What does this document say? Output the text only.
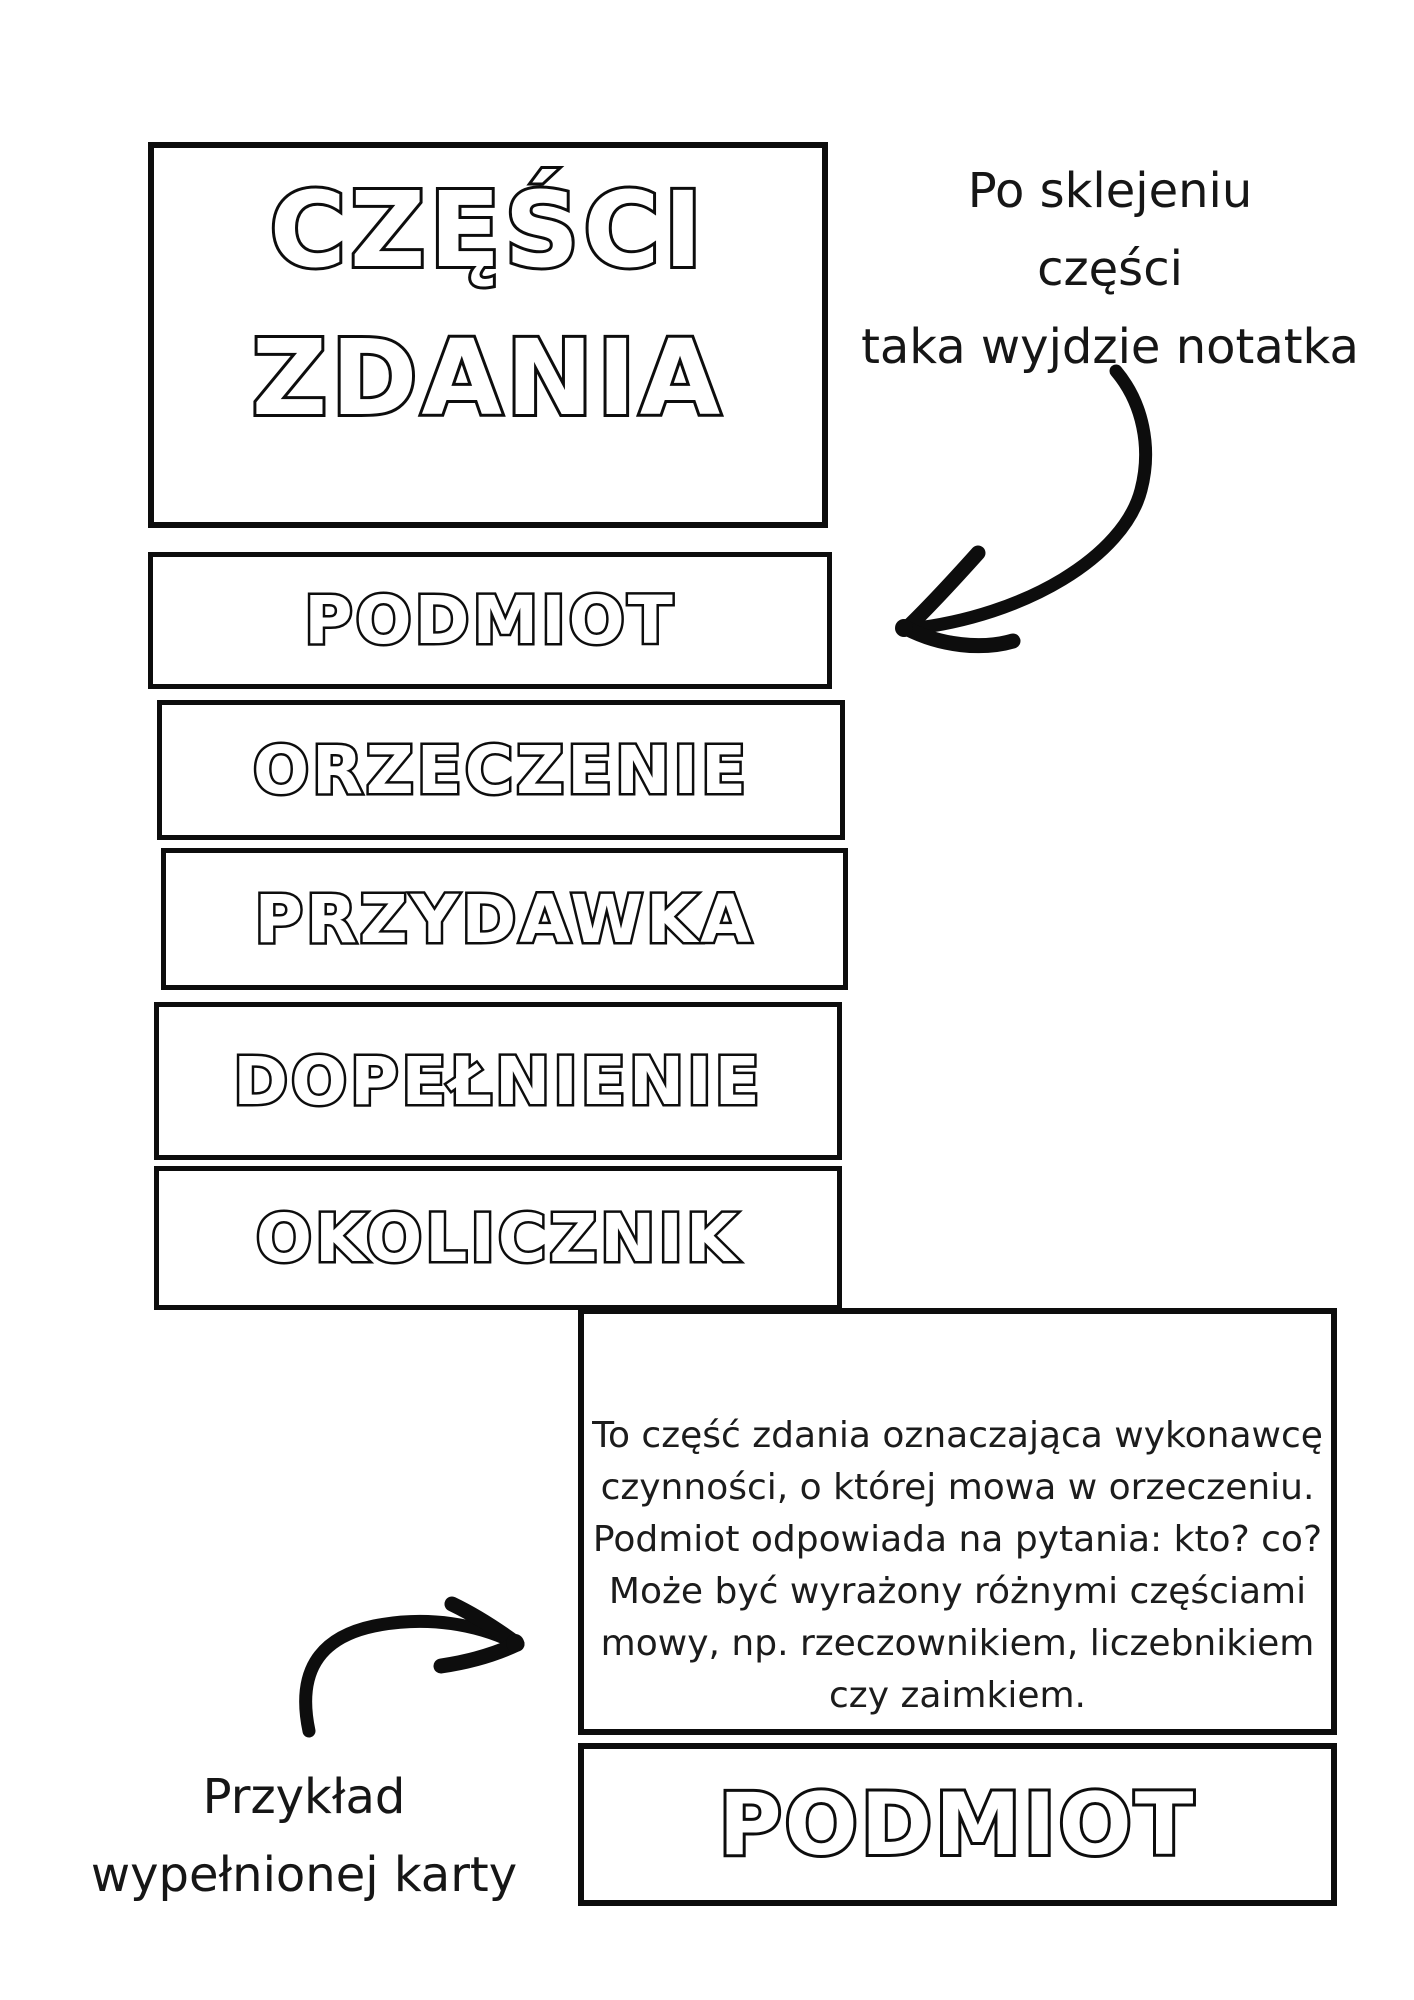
CZĘŚCI
ZDANIA
PODMIOT
ORZECZENIE
PRZYDAWKA
DOPEŁNIENIE
OKOLICZNIK
Po sklejeniu
części
taka wyjdzie notatka
To część zdania oznaczająca wykonawcę
czynności, o której mowa w orzeczeniu.
Podmiot odpowiada na pytania: kto? co?
Może być wyrażony różnymi częściami
mowy, np. rzeczownikiem, liczebnikiem
czy zaimkiem.
PODMIOT
Przykład
wypełnionej karty
